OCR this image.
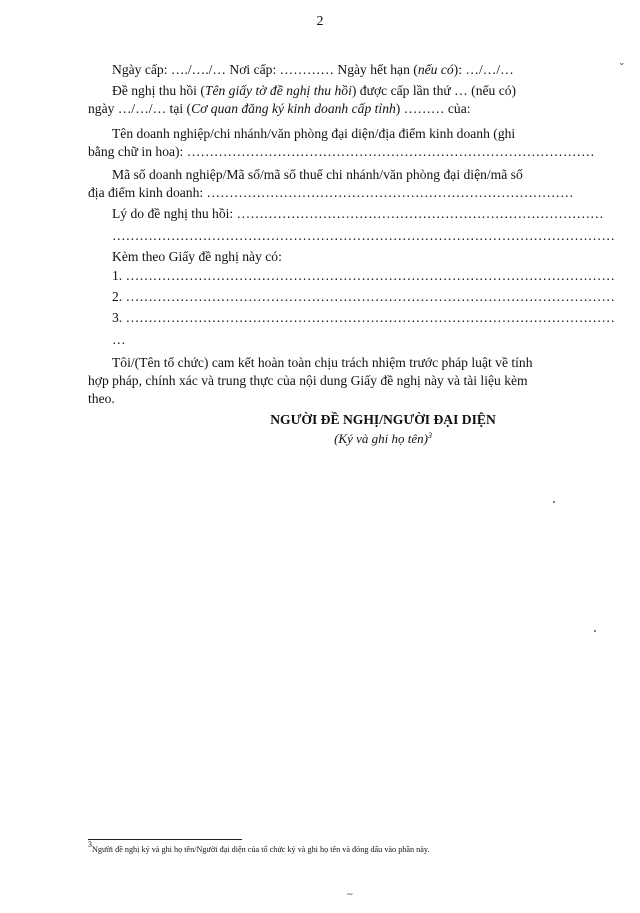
2
Ngày cấp: …./…./… Nơi cấp: ………… Ngày hết hạn (nếu có): …/…/…
Đề nghị thu hồi (Tên giấy tờ đề nghị thu hồi) được cấp lần thứ … (nếu có)
ngày …/…/… tại (Cơ quan đăng ký kinh doanh cấp tỉnh) ……… của:
Tên doanh nghiệp/chi nhánh/văn phòng đại diện/địa điểm kinh doanh (ghi
bằng chữ in hoa): ………………………………………………………………………………
Mã số doanh nghiệp/Mã số/mã số thuế chi nhánh/văn phòng đại diện/mã số
địa điểm kinh doanh: ………………………………………………………………………
Lý do đề nghị thu hồi: ………………………………………………………………………
…………………………………………………………………………………………………
Kèm theo Giấy đề nghị này có:
1. ………………………………………………………………………………………………
2. ………………………………………………………………………………………………
3. ………………………………………………………………………………………………
…
Tôi/(Tên tổ chức) cam kết hoàn toàn chịu trách nhiệm trước pháp luật về tính
hợp pháp, chính xác và trung thực của nội dung Giấy đề nghị này và tài liệu kèm
theo.
NGƯỜI ĐỀ NGHỊ/NGƯỜI ĐẠI DIỆN
(Ký và ghi họ tên)$^3$
$^3$Người đề nghị ký và ghi họ tên/Người đại diện của tổ chức ký và ghi họ tên và đóng dấu vào phần này.
⌄
~
